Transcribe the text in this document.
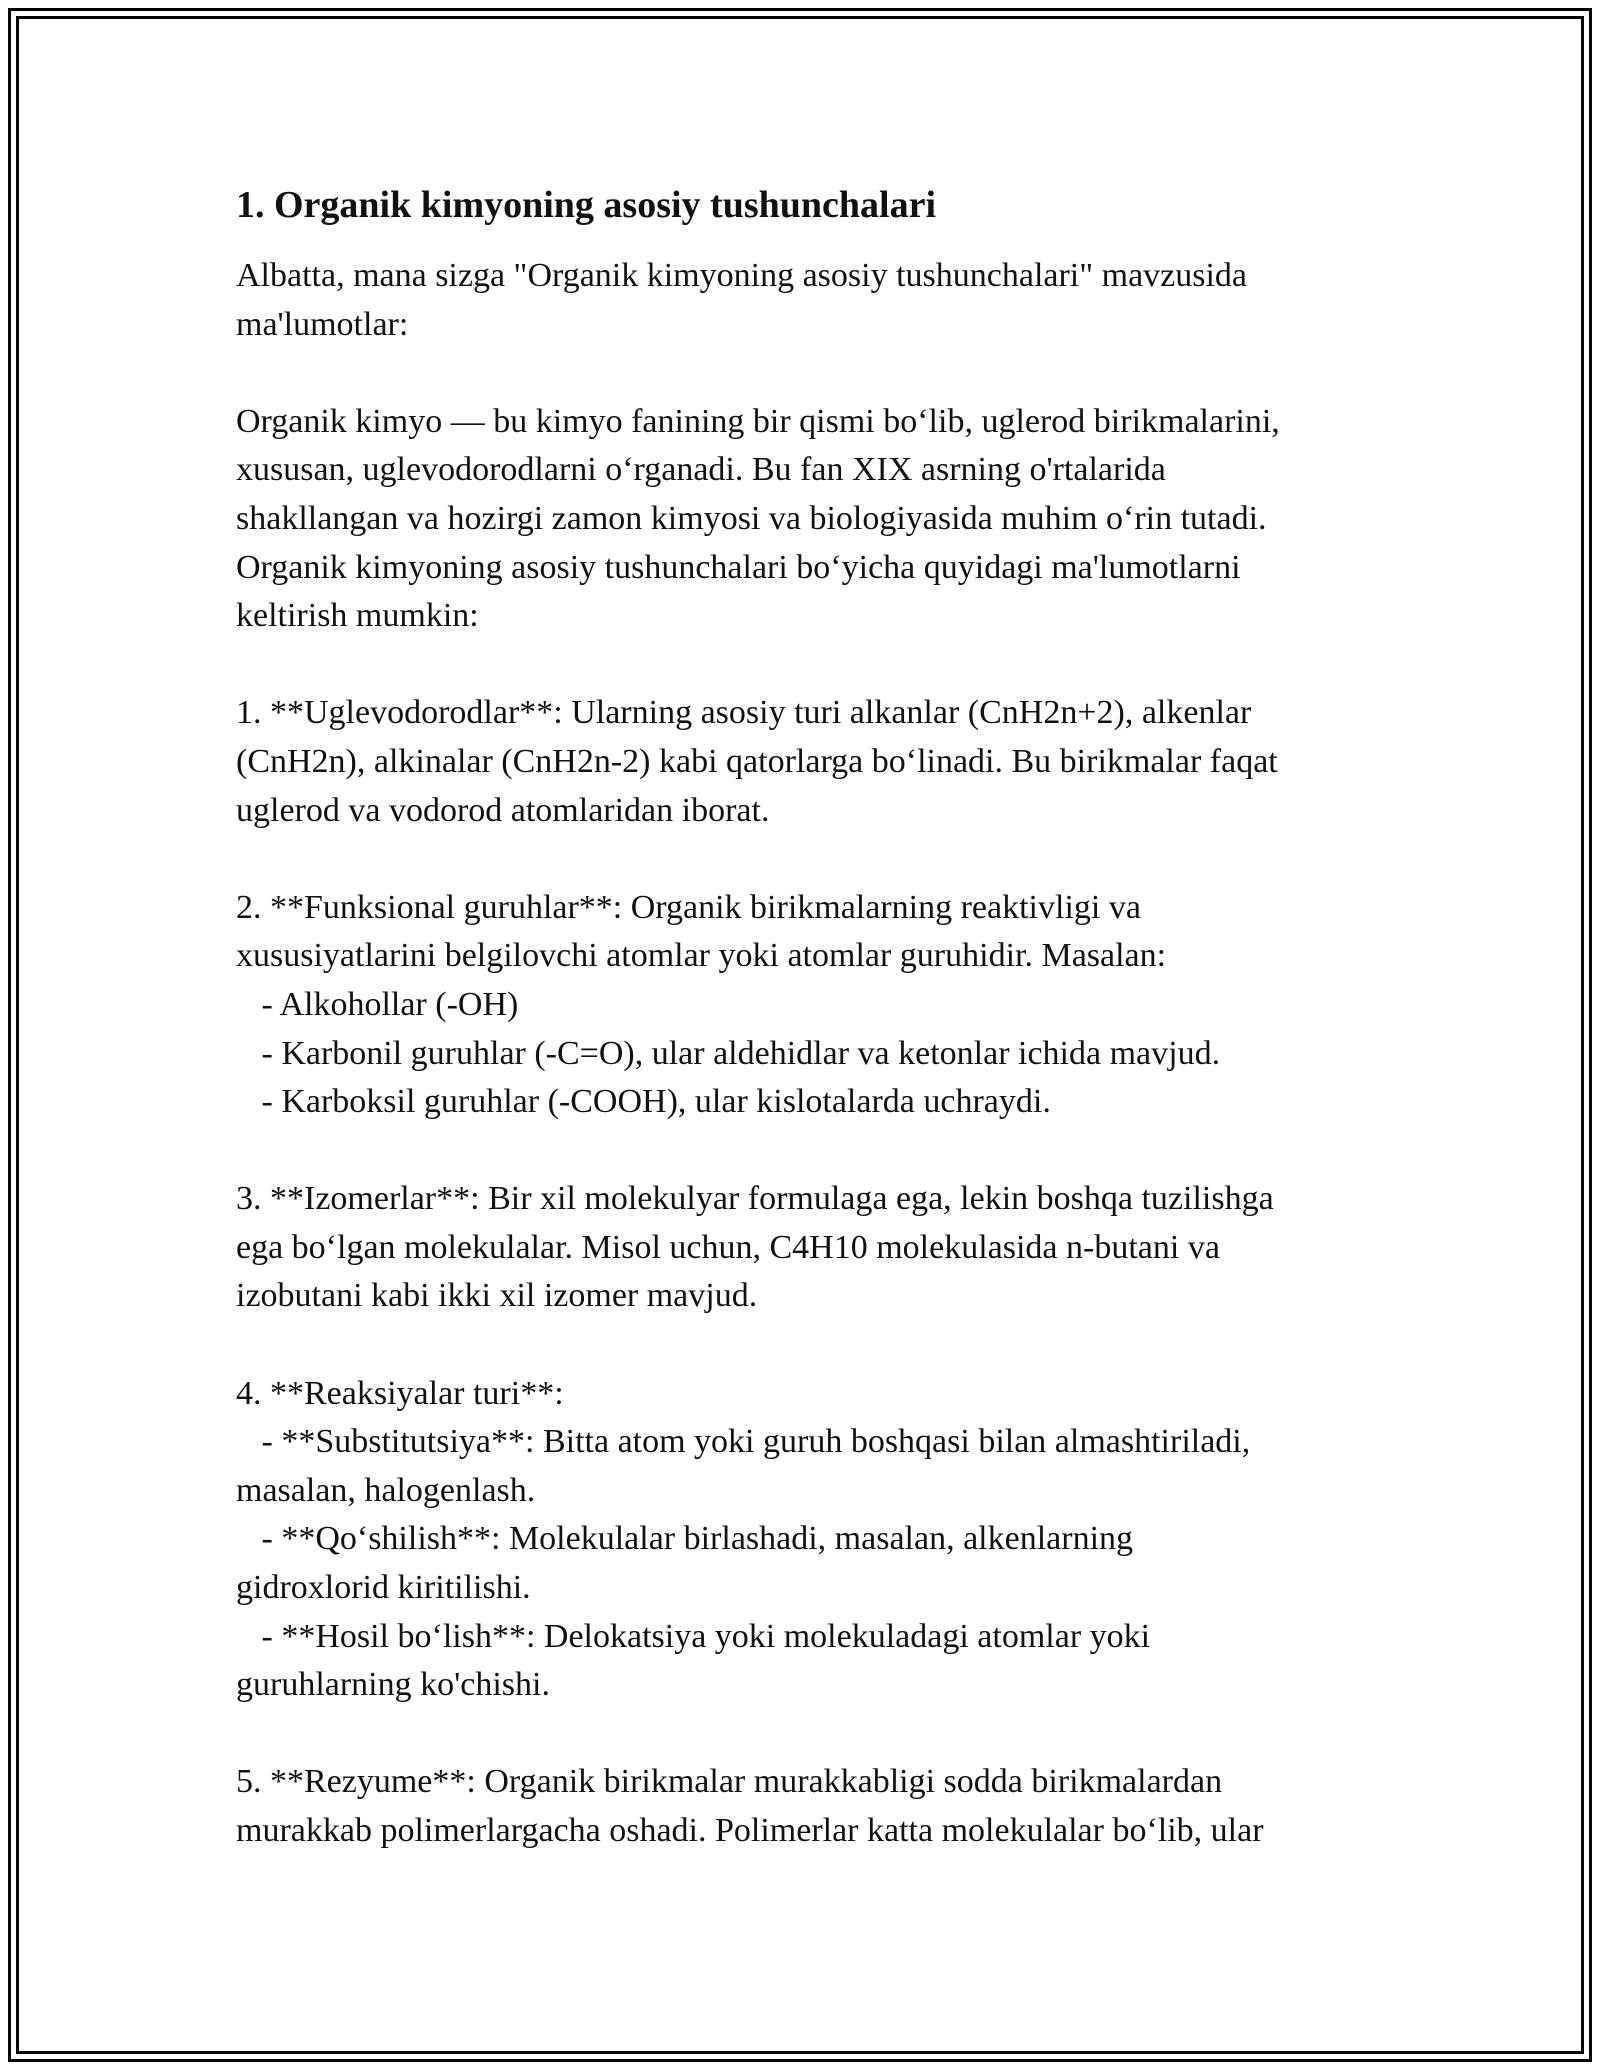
1. Organik kimyoning asosiy tushunchalari
Albatta, mana sizga "Organik kimyoning asosiy tushunchalari" mavzusida
ma'lumotlar:
Organik kimyo — bu kimyo fanining bir qismi bo‘lib, uglerod birikmalarini,
xususan, uglevodorodlarni o‘rganadi. Bu fan XIX asrning o'rtalarida
shakllangan va hozirgi zamon kimyosi va biologiyasida muhim o‘rin tutadi.
Organik kimyoning asosiy tushunchalari bo‘yicha quyidagi ma'lumotlarni
keltirish mumkin:
1. **Uglevodorodlar**: Ularning asosiy turi alkanlar (CnH2n+2), alkenlar
(CnH2n), alkinalar (CnH2n-2) kabi qatorlarga bo‘linadi. Bu birikmalar faqat
uglerod va vodorod atomlaridan iborat.
2. **Funksional guruhlar**: Organik birikmalarning reaktivligi va
xususiyatlarini belgilovchi atomlar yoki atomlar guruhidir. Masalan:
- Alkohollar (-OH)
- Karbonil guruhlar (-C=O), ular aldehidlar va ketonlar ichida mavjud.
- Karboksil guruhlar (-COOH), ular kislotalarda uchraydi.
3. **Izomerlar**: Bir xil molekulyar formulaga ega, lekin boshqa tuzilishga
ega bo‘lgan molekulalar. Misol uchun, C4H10 molekulasida n-butani va
izobutani kabi ikki xil izomer mavjud.
4. **Reaksiyalar turi**:
- **Substitutsiya**: Bitta atom yoki guruh boshqasi bilan almashtiriladi,
masalan, halogenlash.
- **Qo‘shilish**: Molekulalar birlashadi, masalan, alkenlarning
gidroxlorid kiritilishi.
- **Hosil bo‘lish**: Delokatsiya yoki molekuladagi atomlar yoki
guruhlarning ko'chishi.
5. **Rezyume**: Organik birikmalar murakkabligi sodda birikmalardan
murakkab polimerlargacha oshadi. Polimerlar katta molekulalar bo‘lib, ular
